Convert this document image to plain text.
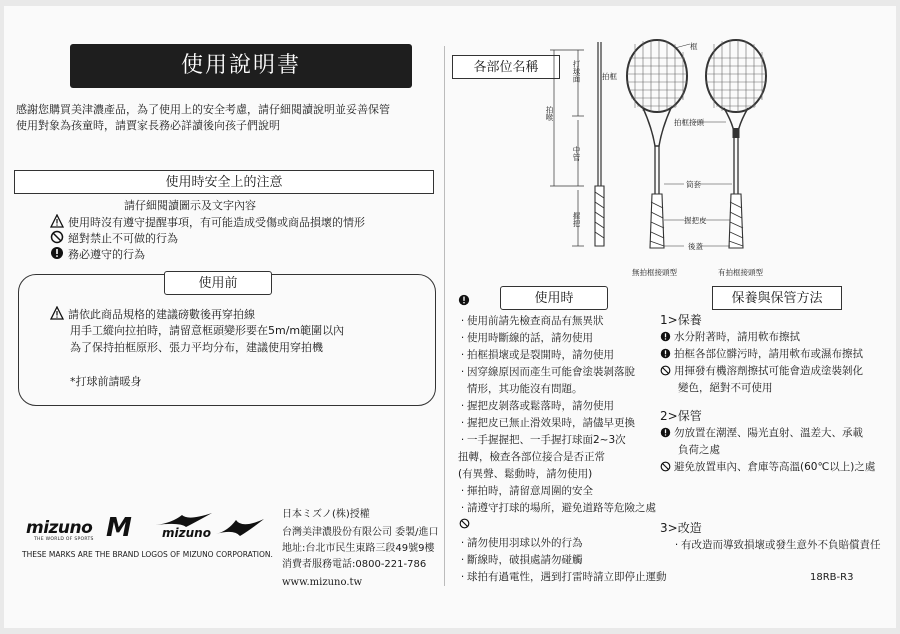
使用說明書
感謝您購買美津濃產品，為了使用上的安全考慮，請仔細閱讀說明並妥善保管
使用對象為孩童時，請賈家長務必詳讀後向孩子們說明
使用時安全上的注意
請仔細閱讀圖示及文字內容
使用時沒有遵守提醒事項，有可能造成受傷或商品損壞的情形
絕對禁止不可做的行為
務必遵守的行為
使用前
請依此商品規格的建議磅數後再穿拍線
用手工縱向拉拍時，請留意框頭變形要在5m/m範圍以內
為了保持拍框原形、張力平均分布，建議使用穿拍機
*打球前請暖身
mizuno
THE WORLD OF SPORTS M	mizuno
THESE MARKS ARE THE BRAND LOGOS OF MIZUNO CORPORATION.
日本ミズノ(株)授權
台灣美津濃股份有限公司 委製/進口
地址:台北市民生東路三段49號9樓
消費者服務電話:0800-221-786
www.mizuno.tw
各部位名稱
框
打球面
拍喉
中管
握把
拍框
拍框接頭
筒套
握把皮
後蓋
無拍框接頭型	有拍框接頭型
使用時
· 使用前請先檢查商品有無異狀
· 使用時斷線的話，請勿使用
· 拍框損壞或是裂開時，請勿使用
· 因穿線原因而產生可能會塗裝剝落脫
情形，其功能沒有問題。
· 握把皮剝落或鬆落時，請勿使用
· 握把皮已無止滑效果時，請儘早更換
· 一手握握把、一手握打球面2~3次
扭轉，檢查各部位接合是否正常
(有異聲、鬆動時，請勿使用)
· 揮拍時，請留意周圍的安全
· 請遵守打球的場所，避免道路等危險之處
· 請勿使用羽球以外的行為
· 斷線時，破損處請勿碰觸
· 球拍有過電性，遇到打雷時請立即停止運動
保養與保管方法
1>保養
水分附著時，請用軟布擦拭
拍框各部位髒污時，請用軟布或濕布擦拭
用揮發有機溶劑擦拭可能會造成塗裝剝化
變色，絕對不可使用
2>保管
勿放置在潮溼、陽光直射、溫差大、承載
負荷之處
避免放置車內、倉庫等高溫(60℃以上)之處
3>改造
· 有改造而導致損壞或發生意外不負賠償責任
18RB-R3
